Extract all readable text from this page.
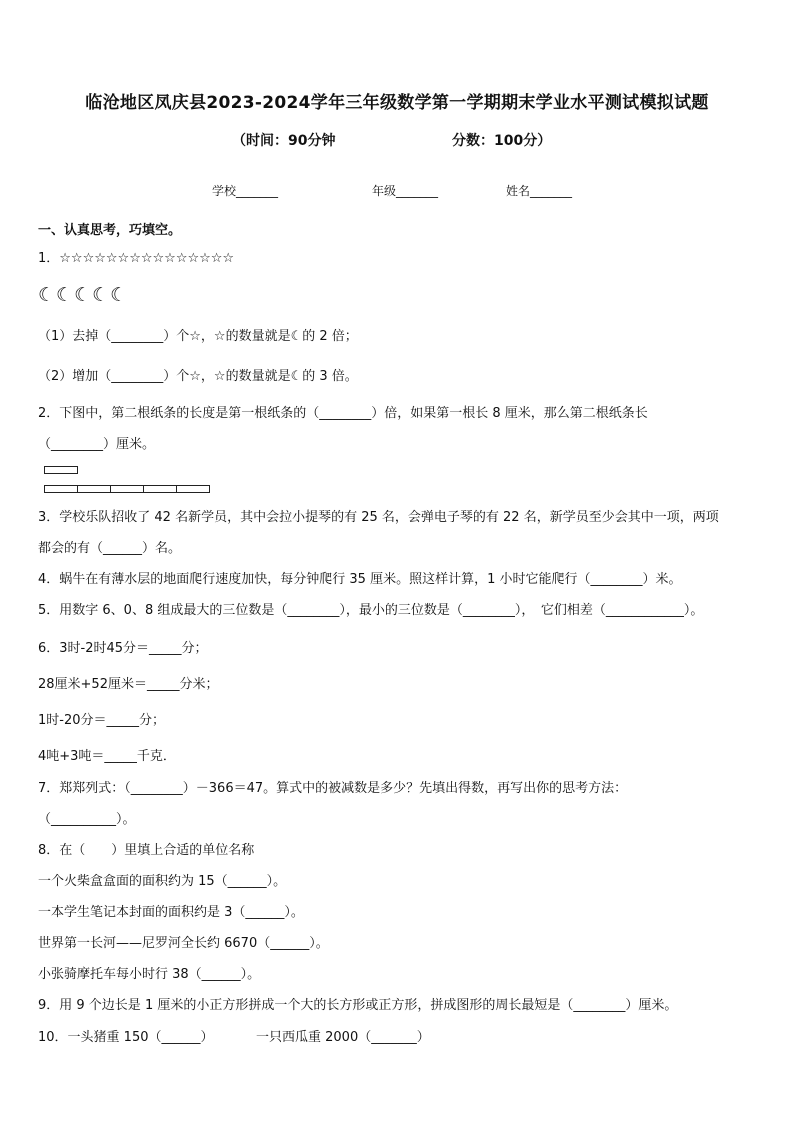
临沧地区凤庆县2023-2024学年三年级数学第一学期期末学业水平测试模拟试题
（时间：90分钟	分数：100分）
学校_______	年级_______	姓名_______
一、认真思考，巧填空。
1．☆☆☆☆☆☆☆☆☆☆☆☆☆☆☆
☾☾☾☾☾
（1）去掉（________）个☆，☆的数量就是☾的 2 倍；
（2）增加（________）个☆，☆的数量就是☾的 3 倍。
2．下图中，第二根纸条的长度是第一根纸条的（________）倍，如果第一根长 8 厘米，那么第二根纸条长
（________）厘米。
3．学校乐队招收了 42 名新学员，其中会拉小提琴的有 25 名，会弹电子琴的有 22 名，新学员至少会其中一项，两项
都会的有（______）名。
4．蜗牛在有薄水层的地面爬行速度加快，每分钟爬行 35 厘米。照这样计算，1 小时它能爬行（________）米。
5．用数字 6、0、8 组成最大的三位数是（________），最小的三位数是（________），　它们相差（____________）。
6．3时-2时45分＝_____分；
28厘米+52厘米＝_____分米；
1时-20分＝_____分；
4吨+3吨＝_____千克．
7．郑郑列式：（________）－366＝47。算式中的被减数是多少？先填出得数，再写出你的思考方法：
（__________）。
8．在（　　）里填上合适的单位名称
一个火柴盒盒面的面积约为 15（______）。
一本学生笔记本封面的面积约是 3（______）。
世界第一长河——尼罗河全长约 6670（______）。
小张骑摩托车每小时行 38（______）。
9．用 9 个边长是 1 厘米的小正方形拼成一个大的长方形或正方形，拼成图形的周长最短是（________）厘米。
10．一头猪重 150（______）	一只西瓜重 2000（_______）
